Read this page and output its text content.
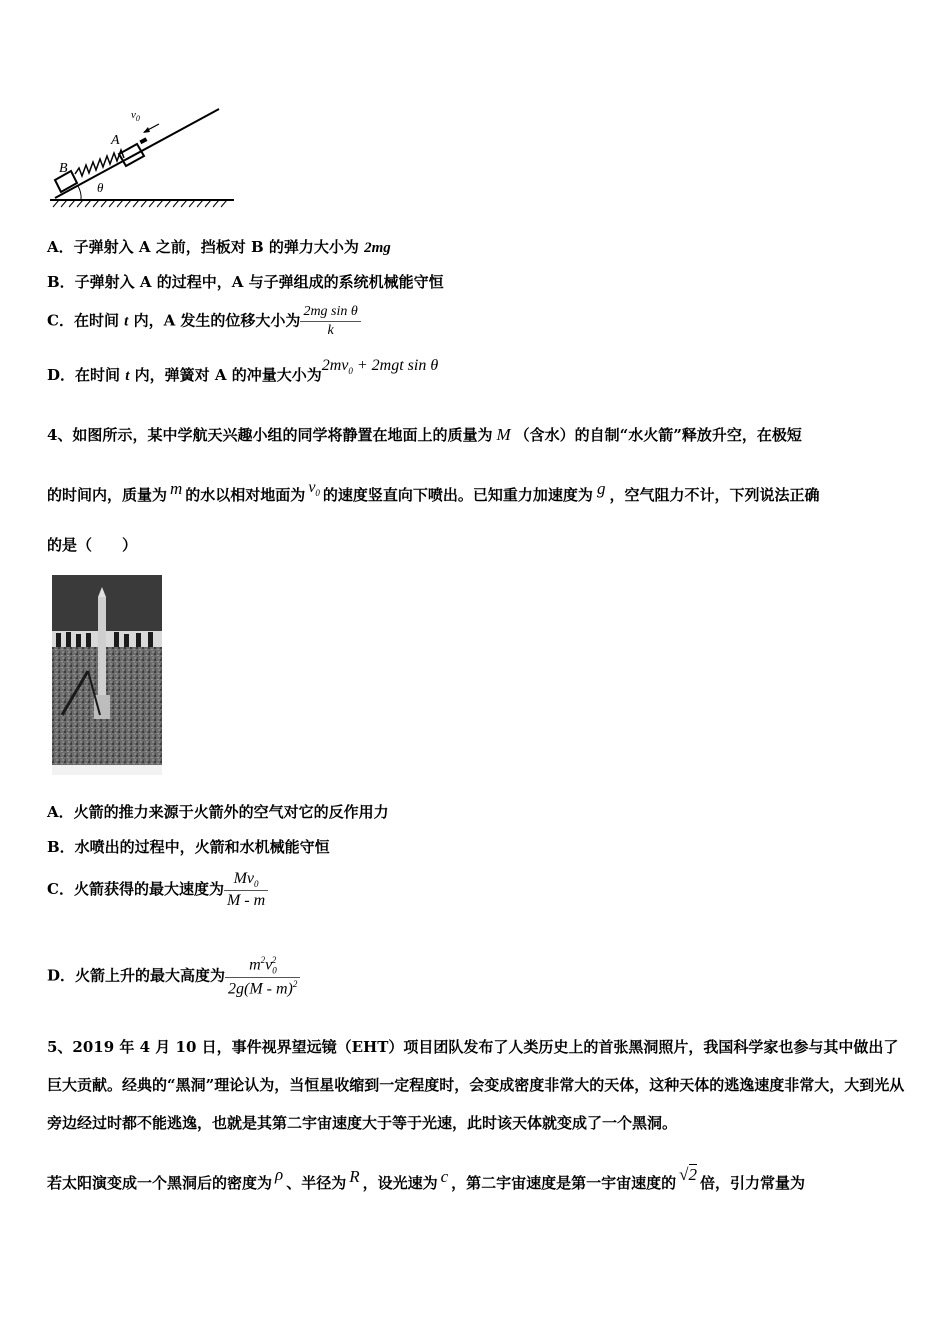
$v_0$
A
B
θ
A．子弹射入 A 之前，挡板对 B 的弹力大小为 2mg
B．子弹射入 A 的过程中，A 与子弹组成的系统机械能守恒
C．在时间 t 内，A 发生的位移大小为 $\frac{\text{2mg sin θ}}{k}$
D．在时间 t 内，弹簧对 A 的冲量大小为$2mv_0 + 2mgt$ sin θ
4、如图所示，某中学航天兴趣小组的同学将静置在地面上的质量为 M （含水）的自制“水火箭”释放升空，在极短
的时间内，质量为 m 的水以相对地面为 $v_0$ 的速度竖直向下喷出。已知重力加速度为 g ，空气阻力不计，下列说法正确
的是（　　）
A．火箭的推力来源于火箭外的空气对它的反作用力
B．水喷出的过程中，火箭和水机械能守恒
C．火箭获得的最大速度为 $\frac{Mv_0}{M - m}$
D．火箭上升的最大高度为 $\frac{m^2v_0^2}{2g(M - m)^2}$
5、2019 年 4 月 10 日，事件视界望远镜（EHT）项目团队发布了人类历史上的首张黑洞照片，我国科学家也参与其中做出了巨大贡献。经典的“黑洞”理论认为，当恒星收缩到一定程度时，会变成密度非常大的天体，这种天体的逃逸速度非常大，大到光从旁边经过时都不能逃逸，也就是其第二宇宙速度大于等于光速，此时该天体就变成了一个黑洞。
若太阳演变成一个黑洞后的密度为 ρ 、半径为 R ，设光速为 c ，第二宇宙速度是第一宇宙速度的 √2 倍，引力常量为
